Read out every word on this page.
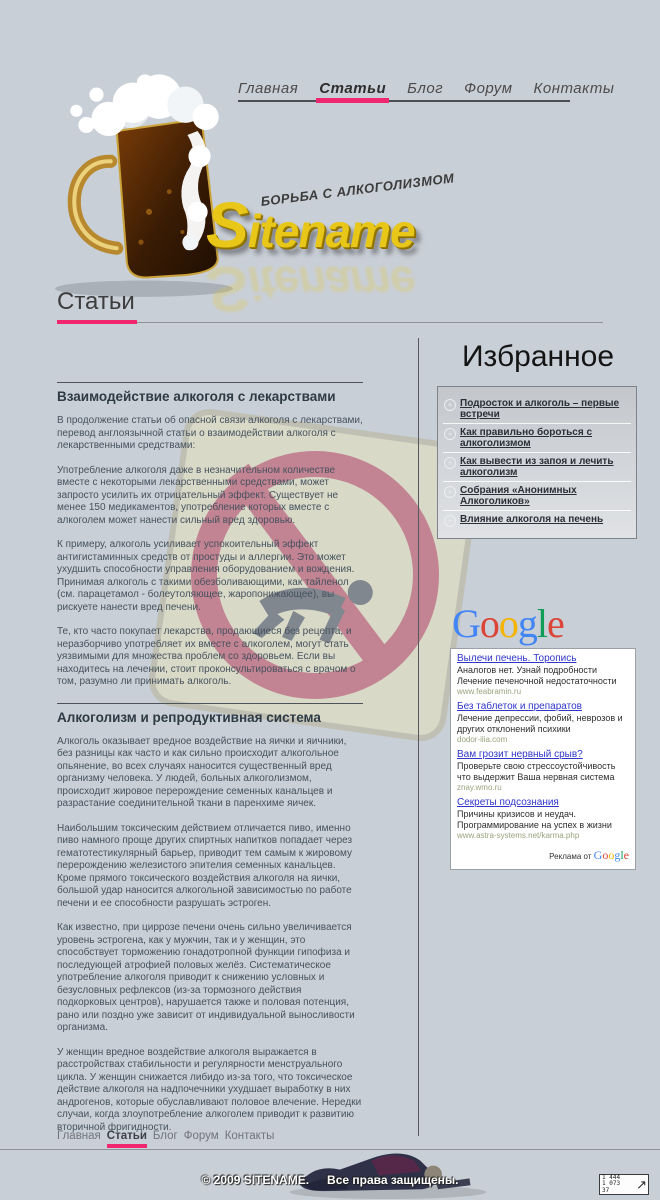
Главная Статьи Блог Форум Контакты
БОРЬБА С АЛКОГОЛИЗМОМ
Sitename
Sitename
Статьи
Взаимодействие алкоголя с лекарствами

В продолжение статьи об опасной связи алкоголя с лекарствами, перевод англоязычной статьи о взаимодействии алкоголя с лекарственными средствами:

Употребление алкоголя даже в незначительном количестве вместе с некоторыми лекарственными средствами, может запросто усилить их отрицательный эффект. Существует не менее 150 медикаментов, употребление которых вместе с алкоголем может нанести сильный вред здоровью.

К примеру, алкоголь усиливает успокоительный эффект антигистаминных средств от простуды и аллергии. Это может ухудшить способности управления оборудованием и вождения. Принимая алкоголь с такими обезболивающими, как тайленол (см. парацетамол - болеутоляющее, жаропонижающее), вы рискуете нанести вред печени.

Те, кто часто покупает лекарства, продающиеся без рецепта, и неразборчиво употребляет их вместе с алкоголем, могут стать уязвимыми для множества проблем со здоровьем. Если вы находитесь на лечении, стоит проконсультироваться с врачом о том, разумно ли принимать алкоголь.

Алкоголизм и репродуктивная система

Алкоголь оказывает вредное воздействие на яички и яичники, без разницы как часто и как сильно происходит алкогольное опьянение, во всех случаях наносится существенный вред организму человека. У людей, больных алкоголизмом, происходит жировое перерождение семенных канальцев и разрастание соединительной ткани в паренхиме яичек.

Наибольшим токсическим действием отличается пиво, именно пиво намного проще других спиртных напитков попадает через гематотестикулярный барьер, приводит тем самым к жировому перерождению железистого эпителия семенных канальцев. Кроме прямого токсического воздействия алкоголя на яички, большой удар наносится алкогольной зависимостью по работе печени и ее способности разрушать эстроген.

Как известно, при циррозе печени очень сильно увеличивается уровень эстрогена, как у мужчин, так и у женщин, это способствует торможению гонадотропной функции гипофиза и последующей атрофией половых желёз. Систематическое употребление алкоголя приводит к снижению условных и безусловных рефлексов (из-за тормозного действия подкорковых центров), нарушается также и половая потенция, рано или поздно уже зависит от индивидуальной выносливости организма.

У женщин вредное воздействие алкоголя выражается в расстройствах стабильности и регулярности менструального цикла. У женщин снижается либидо из-за того, что токсическое действие алкоголя на надпочечники ухудшает выработку в них андрогенов, которые обуславливают половое влечение. Нередки случаи, когда злоупотребление алкоголем приводит к развитию вторичной фригидности.

Избранное
+ Подросток и алкоголь – первые встречи
+ Как правильно бороться с алкоголизмом
+ Как вывести из запоя и лечить алкоголизм
+ Собрания «Анонимных Алкоголиков»
+ Влияние алкоголя на печень
Google
Вылечи печень. Торопись
Аналогов нет. Узнай подробности Лечение печеночной недостаточности
www.feabramin.ru
Без таблеток и препаратов
Лечение депрессии, фобий, неврозов и других отклонений психики
dodor-ilia.com
Вам грозит нервный срыв?
Проверьте свою стрессоустойчивость что выдержит Ваша нервная система
znay.wmo.ru
Секреты подсознания
Причины кризисов и неудач. Программирование на успех в жизни
www.astra-systems.net/karma.php
Реклама от Google
Главная Статьи Блог Форум Контакты
© 2009 SITENAME. Все права защищены.	1 444
1 073
37	↗
